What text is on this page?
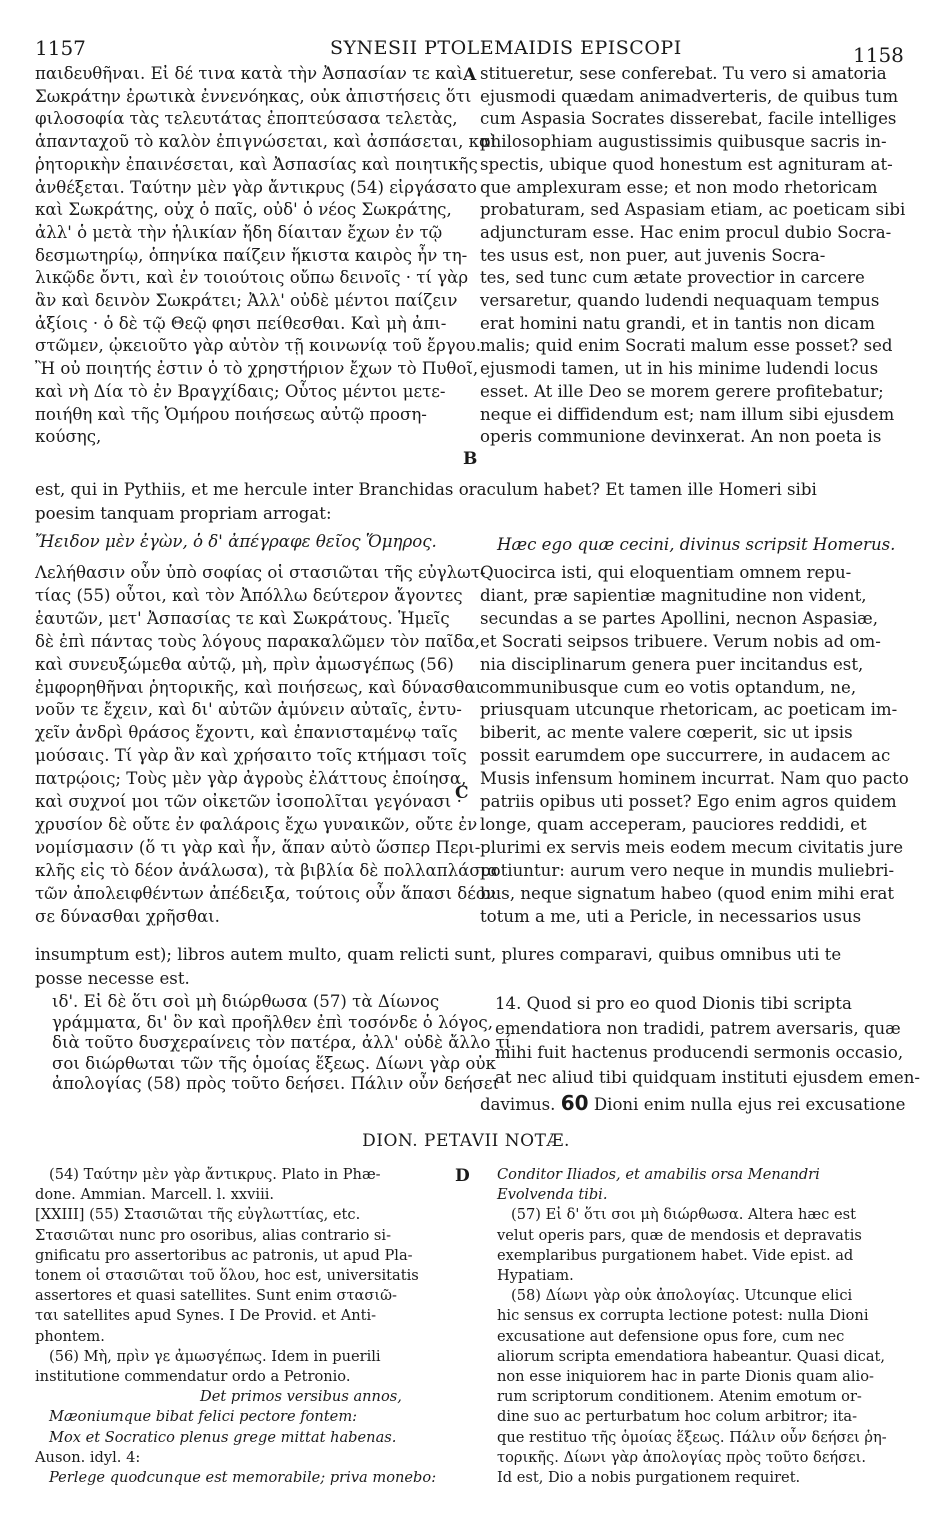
1157	SYNESII PTOLEMAIDIS EPISCOPI	1158
παιδευθῆναι. Εἰ δέ τινα κατὰ τὴν Ἀσπασίαν τε καὶ
Σωκράτην ἐρωτικὰ ἐννενόηκας, οὐκ ἀπιστήσεις ὅτι
φιλοσοφία τὰς τελευτάτας ἐποπτεύσασα τελετὰς,
ἁπανταχοῦ τὸ καλὸν ἐπιγνώσεται, καὶ ἀσπάσεται, καὶ
ῥητορικὴν ἐπαινέσεται, καὶ Ἀσπασίας καὶ ποιητικῆς
ἀνθέξεται. Ταύτην μὲν γὰρ ἄντικρυς (54) εἰργάσατο
καὶ Σωκράτης, οὐχ ὁ παῖς, οὐδ' ὁ νέος Σωκράτης,
ἀλλ' ὁ μετὰ τὴν ἡλικίαν ἤδη δίαιταν ἔχων ἐν τῷ
δεσμωτηρίῳ, ὁπηνίκα παίζειν ἥκιστα καιρὸς ἦν τη-
λικῷδε ὄντι, καὶ ἐν τοιούτοις οὔπω δεινοῖς · τί γὰρ
ἂν καὶ δεινὸν Σωκράτει; Ἀλλ' οὐδὲ μέντοι παίζειν
ἀξίοις · ὁ δὲ τῷ Θεῷ φησι πείθεσθαι. Καὶ μὴ ἀπι-
στῶμεν, ᾠκειοῦτο γὰρ αὐτὸν τῇ κοινωνίᾳ τοῦ ἔργου.
Ἢ οὐ ποιητής ἐστιν ὁ τὸ χρηστήριον ἔχων τὸ Πυθοῖ,
καὶ νὴ Δία τὸ ἐν Βραγχίδαις; Οὗτος μέντοι μετε-
ποιήθη καὶ τῆς Ὁμήρου ποιήσεως αὐτῷ προση-
κούσης,
stitueretur, sese conferebat. Tu vero si amatoria
ejusmodi quædam animadverteris, de quibus tum
cum Aspasia Socrates disserebat, facile intelliges
philosophiam augustissimis quibusque sacris in-
spectis, ubique quod honestum est agnituram at-
que amplexuram esse; et non modo rhetoricam
probaturam, sed Aspasiam etiam, ac poeticam sibi
adjuncturam esse. Hac enim procul dubio Socra-
tes usus est, non puer, aut juvenis Socra-
tes, sed tunc cum ætate provectior in carcere
versaretur, quando ludendi nequaquam tempus
erat homini natu grandi, et in tantis non dicam
malis; quid enim Socrati malum esse posset? sed
ejusmodi tamen, ut in his minime ludendi locus
esset. At ille Deo se morem gerere profitebatur;
neque ei diffidendum est; nam illum sibi ejusdem
operis communione devinxerat. An non poeta is
A
B
est, qui in Pythiis, et me hercule inter Branchidas oraculum habet? Et tamen ille Homeri sibi
poesim tanquam propriam arrogat:
Ἤειδον μὲν ἐγὼν, ὁ δ' ἀπέγραφε θεῖος Ὅμηρος.	Hæc ego quæ cecini, divinus scripsit Homerus.
Λελήθασιν οὖν ὑπὸ σοφίας οἱ στασιῶται τῆς εὐγλωτ-
τίας (55) οὗτοι, καὶ τὸν Ἀπόλλω δεύτερον ἄγοντες
ἑαυτῶν, μετ' Ἀσπασίας τε καὶ Σωκράτους. Ἡμεῖς
δὲ ἐπὶ πάντας τοὺς λόγους παρακαλῶμεν τὸν παῖδα,
καὶ συνευξώμεθα αὐτῷ, μὴ, πρὶν ἀμωσγέπως (56)
ἐμφορηθῆναι ῥητορικῆς, καὶ ποιήσεως, καὶ δύνασθαι
νοῦν τε ἔχειν, καὶ δι' αὐτῶν ἀμύνειν αὐταῖς, ἐντυ-
χεῖν ἀνδρὶ θράσος ἔχοντι, καὶ ἐπανισταμένῳ ταῖς
μούσαις. Τί γὰρ ἂν καὶ χρήσαιτο τοῖς κτήμασι τοῖς
πατρῴοις; Τοὺς μὲν γὰρ ἀγροὺς ἐλάττους ἐποίησα,
καὶ συχνοί μοι τῶν οἰκετῶν ἰσοπολῖται γεγόνασι ·
χρυσίον δὲ οὔτε ἐν φαλάροις ἔχω γυναικῶν, οὔτε ἐν
νομίσμασιν (ὅ τι γὰρ καὶ ἦν, ἅπαν αὐτὸ ὥσπερ Περι-
κλῆς εἰς τὸ δέον ἀνάλωσα), τὰ βιβλία δὲ πολλαπλάσια
τῶν ἀπολειφθέντων ἀπέδειξα, τούτοις οὖν ἅπασι δέον
σε δύνασθαι χρῆσθαι.
Quocirca isti, qui eloquentiam omnem repu-
diant, præ sapientiæ magnitudine non vident,
secundas a se partes Apollini, necnon Aspasiæ,
et Socrati seipsos tribuere. Verum nobis ad om-
nia disciplinarum genera puer incitandus est,
communibusque cum eo votis optandum, ne,
priusquam utcunque rhetoricam, ac poeticam im-
biberit, ac mente valere cœperit, sic ut ipsis
possit earumdem ope succurrere, in audacem ac
Musis infensum hominem incurrat. Nam quo pacto
patriis opibus uti posset? Ego enim agros quidem
longe, quam acceperam, pauciores reddidi, et
plurimi ex servis meis eodem mecum civitatis jure
potiuntur: aurum vero neque in mundis muliebri-
bus, neque signatum habeo (quod enim mihi erat
totum a me, uti a Pericle, in necessarios usus
C
insumptum est); libros autem multo, quam relicti sunt, plures comparavi, quibus omnibus uti te
posse necesse est.
ιδ'. Εἰ δὲ ὅτι σοὶ μὴ διώρθωσα (57) τὰ Δίωνος
γράμματα, δι' ὃν καὶ προῆλθεν ἐπὶ τοσόνδε ὁ λόγος,
διὰ τοῦτο δυσχεραίνεις τὸν πατέρα, ἀλλ' οὐδὲ ἄλλο τί
σοι διώρθωται τῶν τῆς ὁμοίας ἕξεως. Δίωνι γὰρ οὐκ
ἀπολογίας (58) πρὸς τοῦτο δεήσει. Πάλιν οὖν δεήσει
14. Quod si pro eo quod Dionis tibi scripta
emendatiora non tradidi, patrem aversaris, quæ
mihi fuit hactenus producendi sermonis occasio,
at nec aliud tibi quidquam instituti ejusdem emen-
davimus. 60 Dioni enim nulla ejus rei excusatione
DION. PETAVII NOTÆ.
(54) Ταύτην μὲν γὰρ ἄντικρυς. Plato in Phæ-
done. Ammian. Marcell. l. xxviii.
[XXIII] (55) Στασιῶται τῆς εὐγλωττίας, etc.
Στασιῶται nunc pro osoribus, alias contrario si-
gnificatu pro assertoribus ac patronis, ut apud Pla-
tonem οἱ στασιῶται τοῦ ὅλου, hoc est, universitatis
assertores et quasi satellites. Sunt enim στασιῶ-
ται satellites apud Synes. I De Provid. et Anti-
phontem.
(56) Μὴ, πρὶν γε ἀμωσγέπως. Idem in puerili
institutione commendatur ordo a Petronio.
Det primos versibus annos,
Mæoniumque bibat felici pectore fontem:
Mox et Socratico plenus grege mittat habenas.
Auson. idyl. 4:
Perlege quodcunque est memorabile; priva monebo:
Conditor Iliados, et amabilis orsa Menandri
Evolvenda tibi.
(57) Εἰ δ' ὅτι σοι μὴ διώρθωσα. Altera hæc est
velut operis pars, quæ de mendosis et depravatis
exemplaribus purgationem habet. Vide epist. ad
Hypatiam.
(58) Δίωνι γὰρ οὐκ ἀπολογίας. Utcunque elici
hic sensus ex corrupta lectione potest: nulla Dioni
excusatione aut defensione opus fore, cum nec
aliorum scripta emendatiora habeantur. Quasi dicat,
non esse iniquiorem hac in parte Dionis quam alio-
rum scriptorum conditionem. Atenim emotum or-
dine suo ac perturbatum hoc colum arbitror; ita-
que restituo τῆς ὁμοίας ἕξεως. Πάλιν οὖν δεήσει ῥη-
τορικῆς. Δίωνι γὰρ ἀπολογίας πρὸς τοῦτο δεήσει.
Id est, Dio a nobis purgationem requiret.
D
